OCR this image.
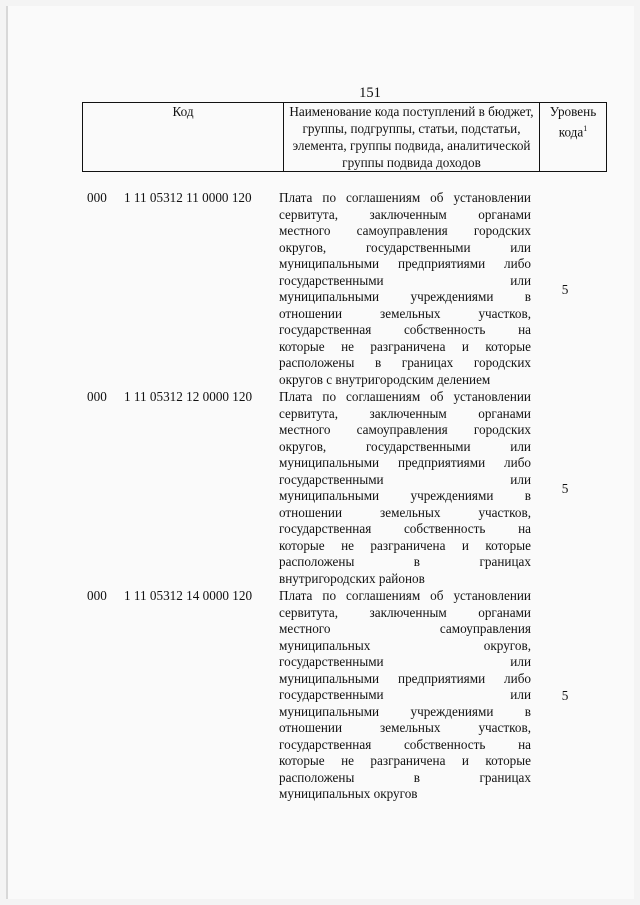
151
Код	Наименование кода поступлений в бюджет, группы, подгруппы, статьи, подстатьи, элемента, группы подвида, аналитической группы подвида доходов	Уровень кода$^1$
000 1 11 05312 11 0000 120 Плата по соглашениям об установлении
сервитута, заключенным органами
местного самоуправления городских
округов, государственными или
муниципальными предприятиями либо
государственными или
муниципальными учреждениями в
отношении земельных участков,
государственная собственность на
которые не разграничена и которые
расположены в границах городских
округов с внутригородским делением
5
000 1 11 05312 12 0000 120 Плата по соглашениям об установлении
сервитута, заключенным органами
местного самоуправления городских
округов, государственными или
муниципальными предприятиями либо
государственными или
муниципальными учреждениями в
отношении земельных участков,
государственная собственность на
которые не разграничена и которые
расположены в границах
внутригородских районов
5
000 1 11 05312 14 0000 120 Плата по соглашениям об установлении
сервитута, заключенным органами
местного самоуправления
муниципальных округов,
государственными или
муниципальными предприятиями либо
государственными или
муниципальными учреждениями в
отношении земельных участков,
государственная собственность на
которые не разграничена и которые
расположены в границах
муниципальных округов
5
